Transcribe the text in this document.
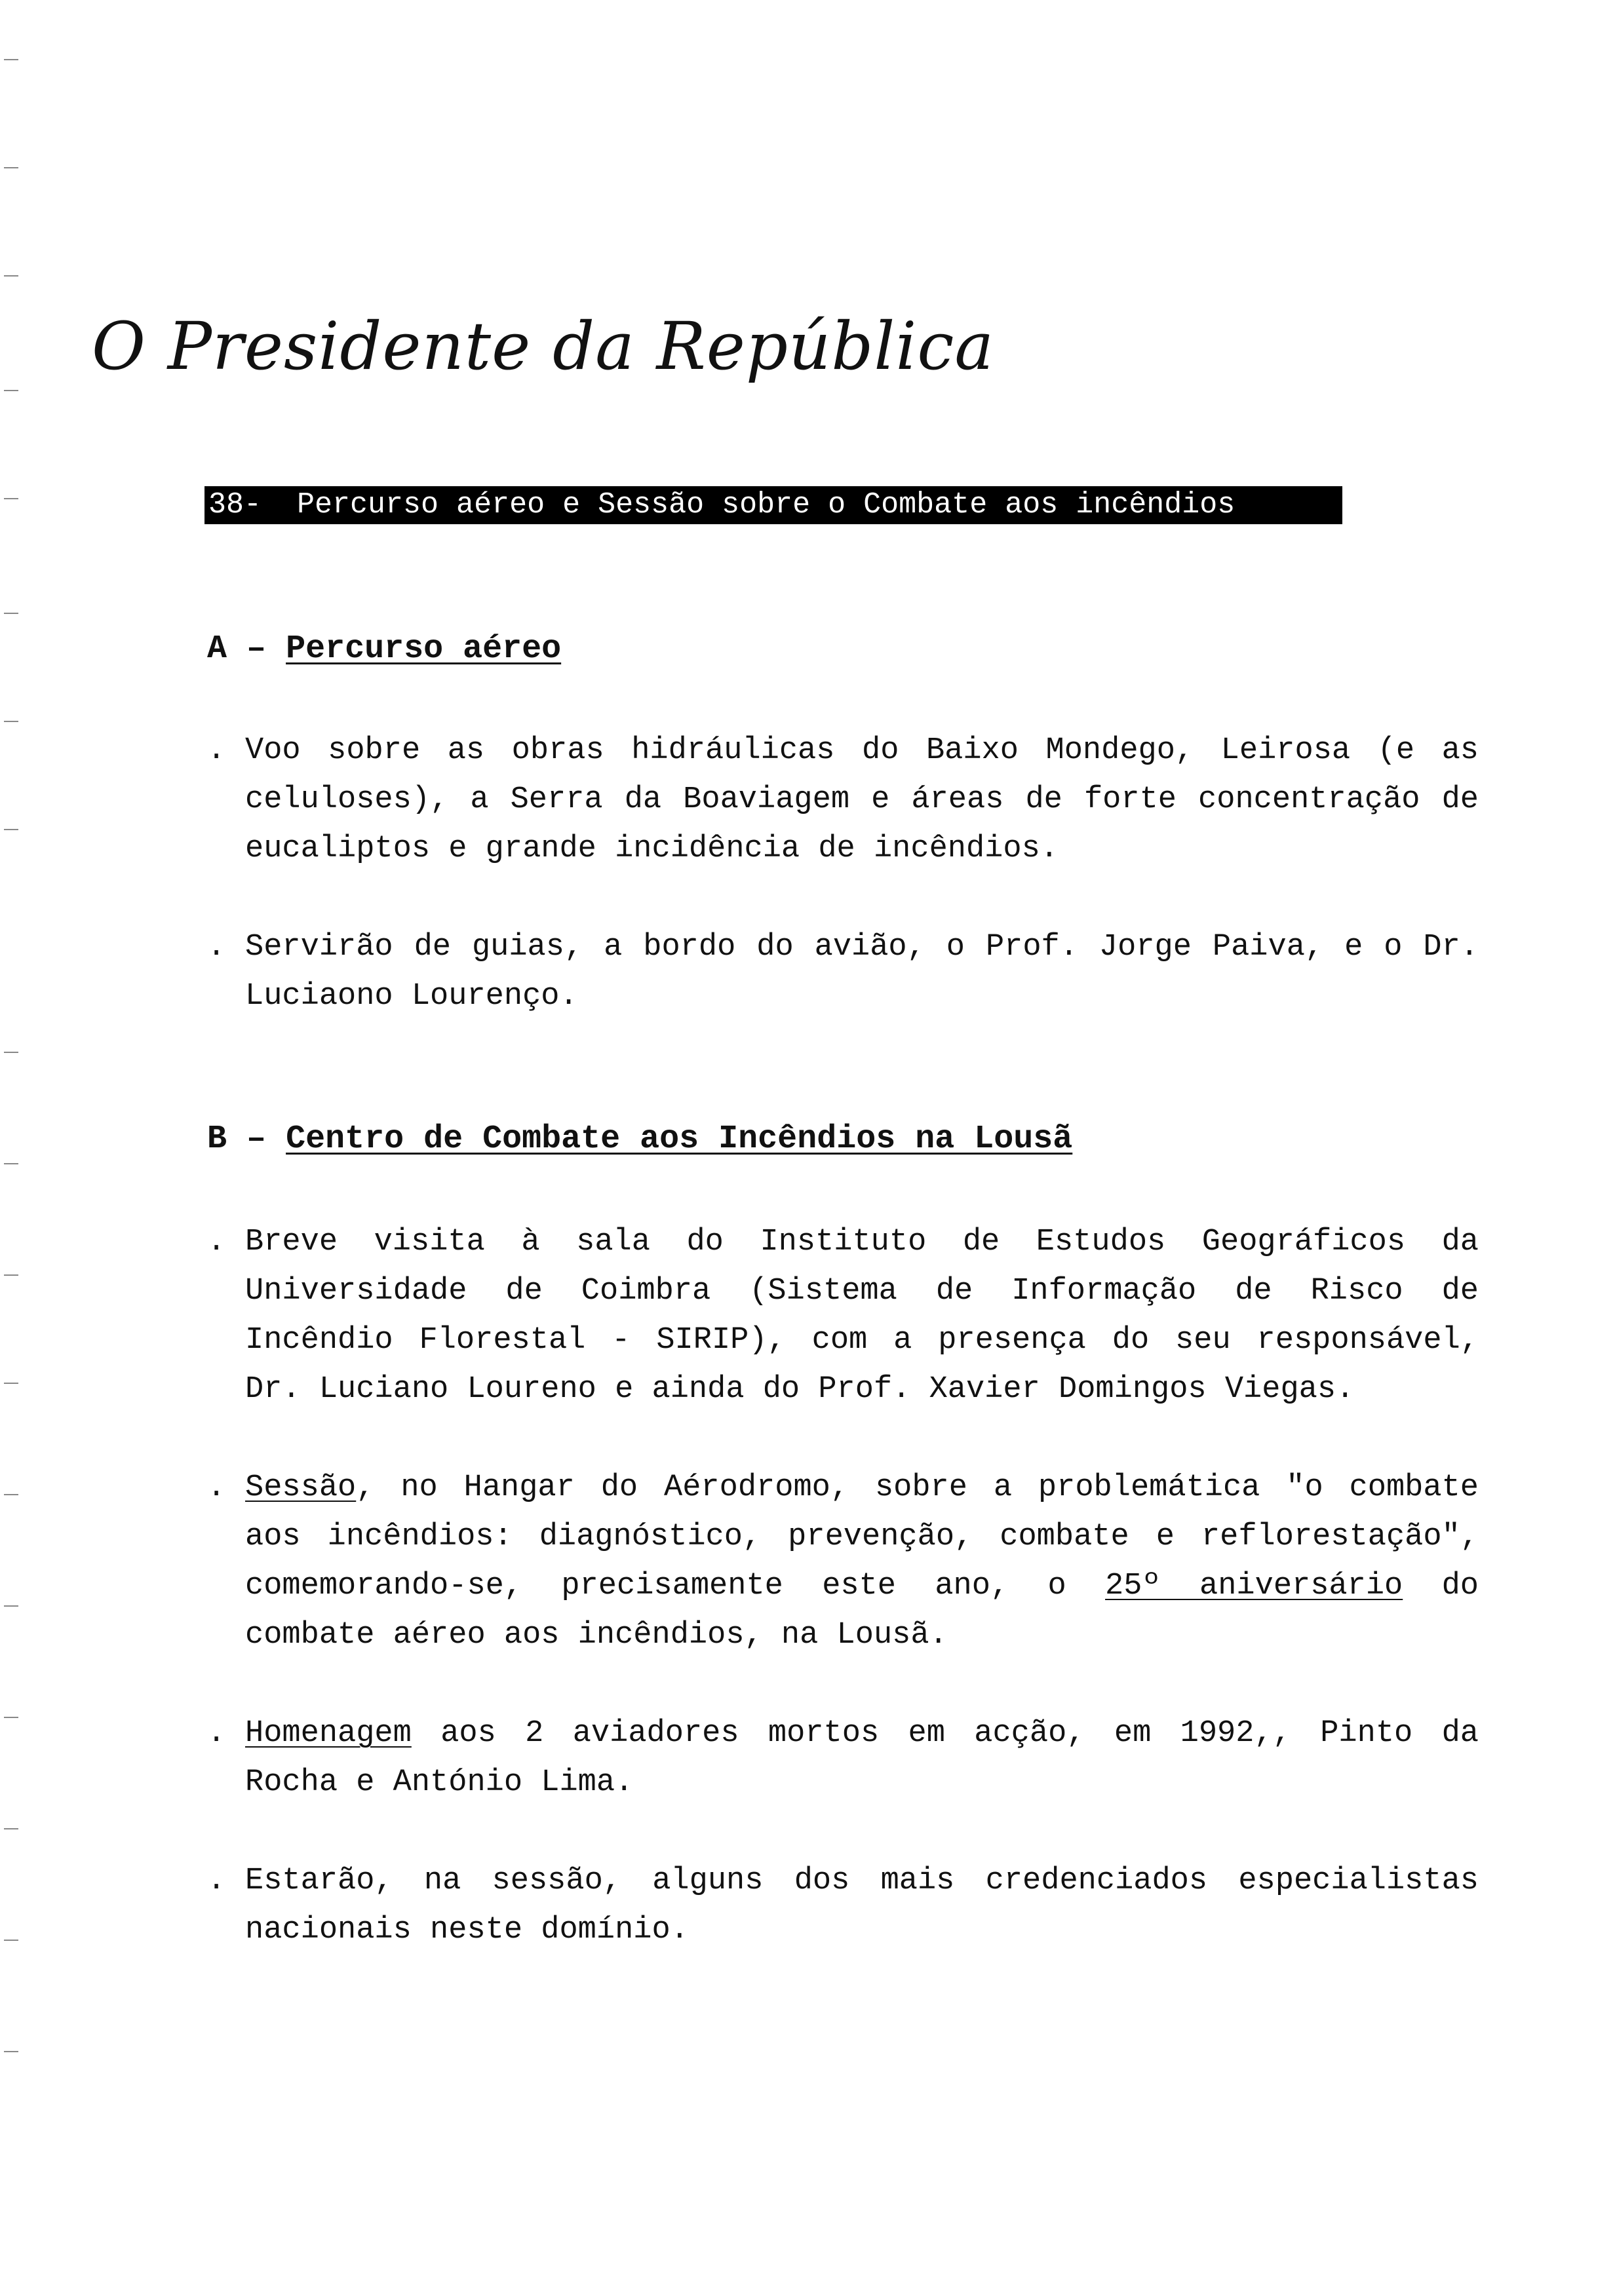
O Presidente da República
38-  Percurso aéreo e Sessão sobre o Combate aos incêndios
A – Percurso aéreo
. Voo sobre as obras hidráulicas do Baixo Mondego, Leirosa (e as celuloses), a Serra da Boaviagem e áreas de forte concentração de eucaliptos e grande incidência de incêndios.
. Servirão de guias, a bordo do avião, o Prof. Jorge Paiva, e o Dr. Luciaono Lourenço.
B – Centro de Combate aos Incêndios na Lousã
. Breve visita à sala do Instituto de Estudos Geográficos da Universidade de Coimbra (Sistema de Informação de Risco de Incêndio Florestal - SIRIP), com a presença do seu responsável, Dr. Luciano Loureno e ainda do Prof. Xavier Domingos Viegas.
. Sessão, no Hangar do Aérodromo, sobre a problemática "o combate aos incêndios: diagnóstico, prevenção, combate e reflorestação", comemorando-se, precisamente este ano, o 25º aniversário do combate aéreo aos incêndios, na Lousã.
. Homenagem aos 2 aviadores mortos em acção, em 1992,, Pinto da Rocha e António Lima.
. Estarão, na sessão, alguns dos mais credenciados especialistas nacionais neste domínio.
